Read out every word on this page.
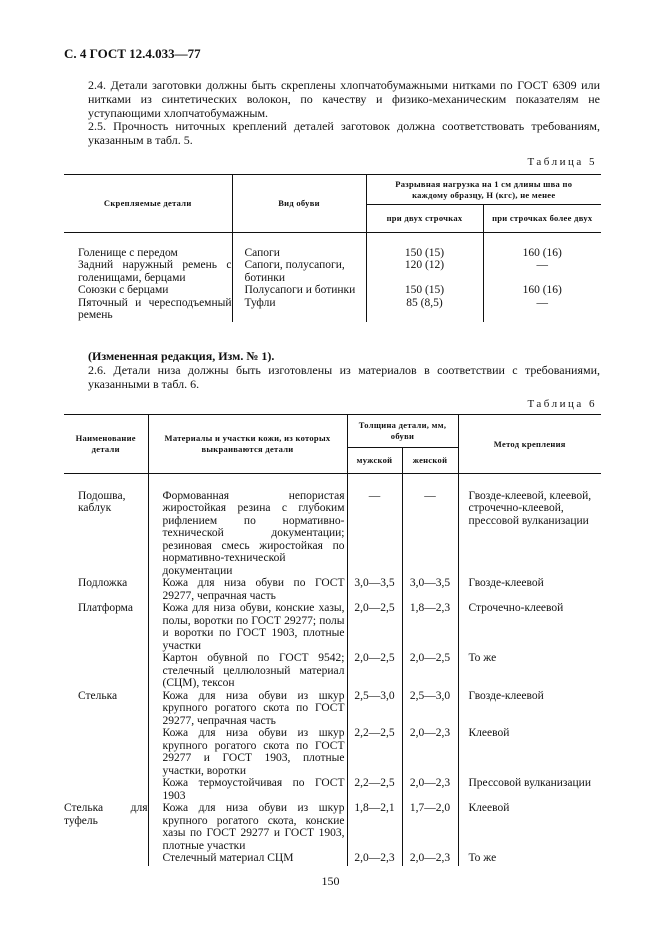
С. 4 ГОСТ 12.4.033—77
2.4. Детали заготовки должны быть скреплены хлопчатобумажными нитками по ГОСТ 6309 или нитками из синтетических волокон, по качеству и физико-механическим показателям не уступающими хлопчатобумажным.
2.5. Прочность ниточных креплений деталей заготовок должна соответствовать требованиям, указанным в табл. 5.
Таблица 5
Скрепляемые детали	Вид обуви	Разрывная нагрузка на 1 см длины шва по каждому образцу, Н (кгс), не менее	
		при двух строчках	при строчках более двух

Голенище с передом	Сапоги	150 (15)	160 (16)

Задний наружный ремень с голенищами, берцами	Сапоги, полусапоги, ботинки	120 (12)	—

Союзки с берцами	Полусапоги и ботинки	150 (15)	160 (16)

Пяточный и чересподъемный ремень	Туфли	85 (8,5)	—
(Измененная редакция, Изм. № 1).
2.6. Детали низа должны быть изготовлены из материалов в соответствии с требованиями, указанными в табл. 6.
Таблица 6
Наименование детали	Материалы и участки кожи, из которых выкраиваются детали	Толщина детали, мм, обуви		Метод крепления
		мужской	женской	

Подошва, каблук	Формованная непористая жиростойкая резина с глубоким рифлением по нормативно-технической документации; резиновая смесь жиростойкая по нормативно-технической документации	—	—	Гвозде-клеевой, клеевой, строчечно-клеевой, прессовой вулканизации

Подложка	Кожа для низа обуви по ГОСТ 29277, чепрачная часть	3,0—3,5	3,0—3,5	Гвозде-клеевой

Платформа	Кожа для низа обуви, конские хазы, полы, воротки по ГОСТ 29277; полы и воротки по ГОСТ 1903, плотные участки	2,0—2,5	1,8—2,3	Строчечно-клеевой

	Картон обувной по ГОСТ 9542; стелечный целлюлозный материал (СЦМ), тексон	2,0—2,5	2,0—2,5	То же

Стелька	Кожа для низа обуви из шкур крупного рогатого скота по ГОСТ 29277, чепрачная часть	2,5—3,0	2,5—3,0	Гвозде-клеевой

	Кожа для низа обуви из шкур крупного рогатого скота по ГОСТ 29277 и ГОСТ 1903, плотные участки, воротки	2,2—2,5	2,0—2,3	Клеевой

	Кожа термоустойчивая по ГОСТ 1903	2,2—2,5	2,0—2,3	Прессовой вулканизации

Стелька для туфель	Кожа для низа обуви из шкур крупного рогатого скота, конские хазы по ГОСТ 29277 и ГОСТ 1903, плотные участки	1,8—2,1	1,7—2,0	Клеевой

	Стелечный материал СЦМ	2,0—2,3	2,0—2,3	То же
150
